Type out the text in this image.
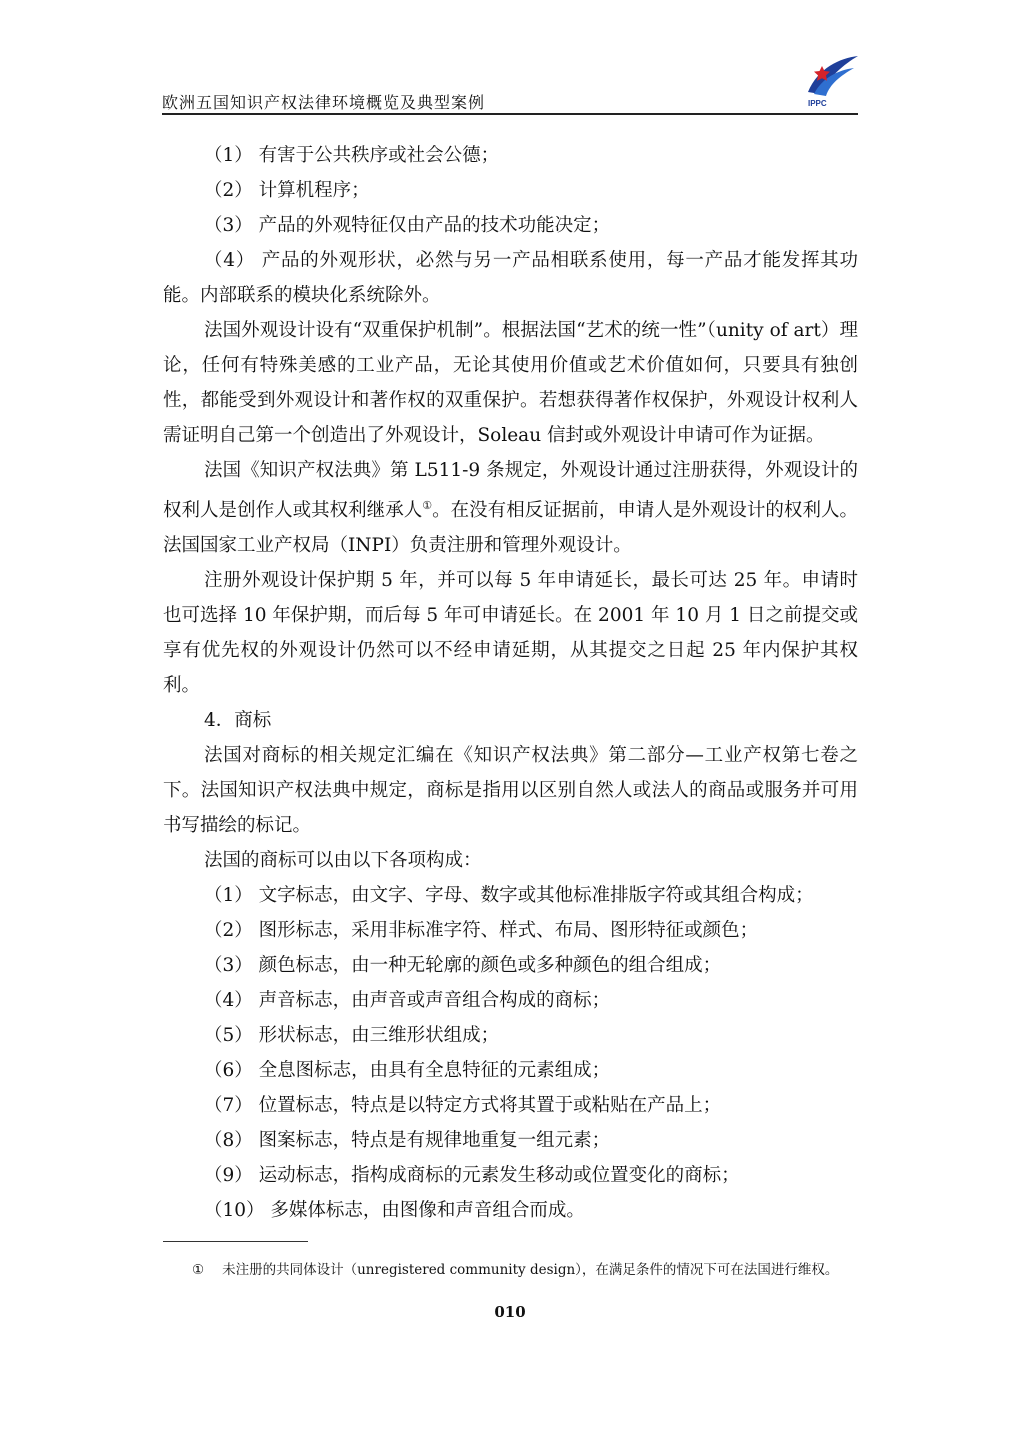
欧洲五国知识产权法律环境概览及典型案例	IPPC

（1） 有害于公共秩序或社会公德；

（2） 计算机程序；

（3） 产品的外观特征仅由产品的技术功能决定；

（4） 产品的外观形状，必然与另一产品相联系使用，每一产品才能发挥其功能。内部联系的模块化系统除外。

法国外观设计设有“双重保护机制”。根据法国“艺术的统一性”（unity of art）理论，任何有特殊美感的工业产品，无论其使用价值或艺术价值如何，只要具有独创性，都能受到外观设计和著作权的双重保护。若想获得著作权保护，外观设计权利人需证明自己第一个创造出了外观设计，Soleau 信封或外观设计申请可作为证据。

法国《知识产权法典》第 L511-9 条规定，外观设计通过注册获得，外观设计的权利人是创作人或其权利继承人①。在没有相反证据前，申请人是外观设计的权利人。法国国家工业产权局（INPI）负责注册和管理外观设计。

注册外观设计保护期 5 年，并可以每 5 年申请延长，最长可达 25 年。申请时也可选择 10 年保护期，而后每 5 年可申请延长。在 2001 年 10 月 1 日之前提交或享有优先权的外观设计仍然可以不经申请延期，从其提交之日起 25 年内保护其权利。

4．商标

法国对商标的相关规定汇编在《知识产权法典》第二部分—工业产权第七卷之下。法国知识产权法典中规定，商标是指用以区别自然人或法人的商品或服务并可用书写描绘的标记。

法国的商标可以由以下各项构成：

（1） 文字标志，由文字、字母、数字或其他标准排版字符或其组合构成；

（2） 图形标志，采用非标准字符、样式、布局、图形特征或颜色；

（3） 颜色标志，由一种无轮廓的颜色或多种颜色的组合组成；

（4） 声音标志，由声音或声音组合构成的商标；

（5） 形状标志，由三维形状组成；

（6） 全息图标志，由具有全息特征的元素组成；

（7） 位置标志，特点是以特定方式将其置于或粘贴在产品上；

（8） 图案标志，特点是有规律地重复一组元素；

（9） 运动标志，指构成商标的元素发生移动或位置变化的商标；

（10） 多媒体标志，由图像和声音组合而成。

① 未注册的共同体设计（unregistered community design），在满足条件的情况下可在法国进行维权。
010
